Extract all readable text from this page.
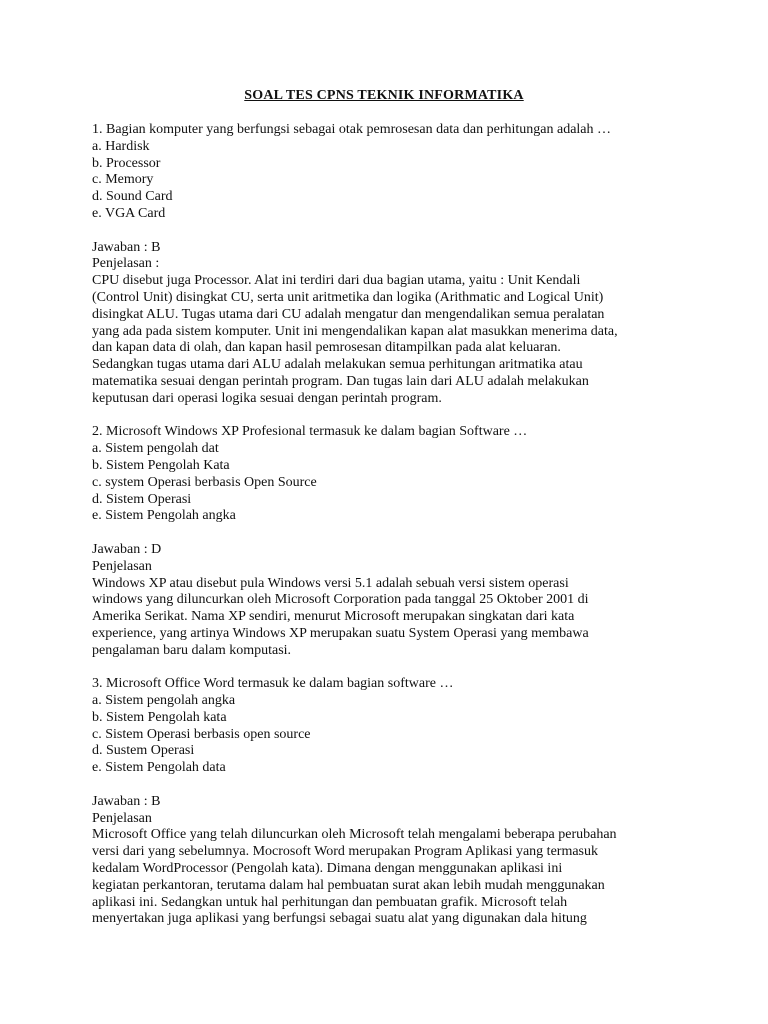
SOAL TES CPNS TEKNIK INFORMATIKA
1. Bagian komputer yang berfungsi sebagai otak pemrosesan data dan perhitungan adalah …
a. Hardisk
b. Processor
c. Memory
d. Sound Card
e. VGA Card
Jawaban : B
Penjelasan :
CPU disebut juga Processor. Alat ini terdiri dari dua bagian utama, yaitu : Unit Kendali
(Control Unit) disingkat CU, serta unit aritmetika dan logika (Arithmatic and Logical Unit)
disingkat ALU. Tugas utama dari CU adalah mengatur dan mengendalikan semua peralatan
yang ada pada sistem komputer. Unit ini mengendalikan kapan alat masukkan menerima data,
dan kapan data di olah, dan kapan hasil pemrosesan ditampilkan pada alat keluaran.
Sedangkan tugas utama dari ALU adalah melakukan semua perhitungan aritmatika atau
matematika sesuai dengan perintah program. Dan tugas lain dari ALU adalah melakukan
keputusan dari operasi logika sesuai dengan perintah program.
2. Microsoft Windows XP Profesional termasuk ke dalam bagian Software …
a. Sistem pengolah dat
b. Sistem Pengolah Kata
c. system Operasi berbasis Open Source
d. Sistem Operasi
e. Sistem Pengolah angka
Jawaban : D
Penjelasan
Windows XP atau disebut pula Windows versi 5.1 adalah sebuah versi sistem operasi
windows yang diluncurkan oleh Microsoft Corporation pada tanggal 25 Oktober 2001 di
Amerika Serikat. Nama XP sendiri, menurut Microsoft merupakan singkatan dari kata
experience, yang artinya Windows XP merupakan suatu System Operasi yang membawa
pengalaman baru dalam komputasi.
3. Microsoft Office Word termasuk ke dalam bagian software …
a. Sistem pengolah angka
b. Sistem Pengolah kata
c. Sistem Operasi berbasis open source
d. Sustem Operasi
e. Sistem Pengolah data
Jawaban : B
Penjelasan
Microsoft Office yang telah diluncurkan oleh Microsoft telah mengalami beberapa perubahan
versi dari yang sebelumnya. Mocrosoft Word merupakan Program Aplikasi yang termasuk
kedalam WordProcessor (Pengolah kata). Dimana dengan menggunakan aplikasi ini
kegiatan perkantoran, terutama dalam hal pembuatan surat akan lebih mudah menggunakan
aplikasi ini. Sedangkan untuk hal perhitungan dan pembuatan grafik. Microsoft telah
menyertakan juga aplikasi yang berfungsi sebagai suatu alat yang digunakan dala hitung
